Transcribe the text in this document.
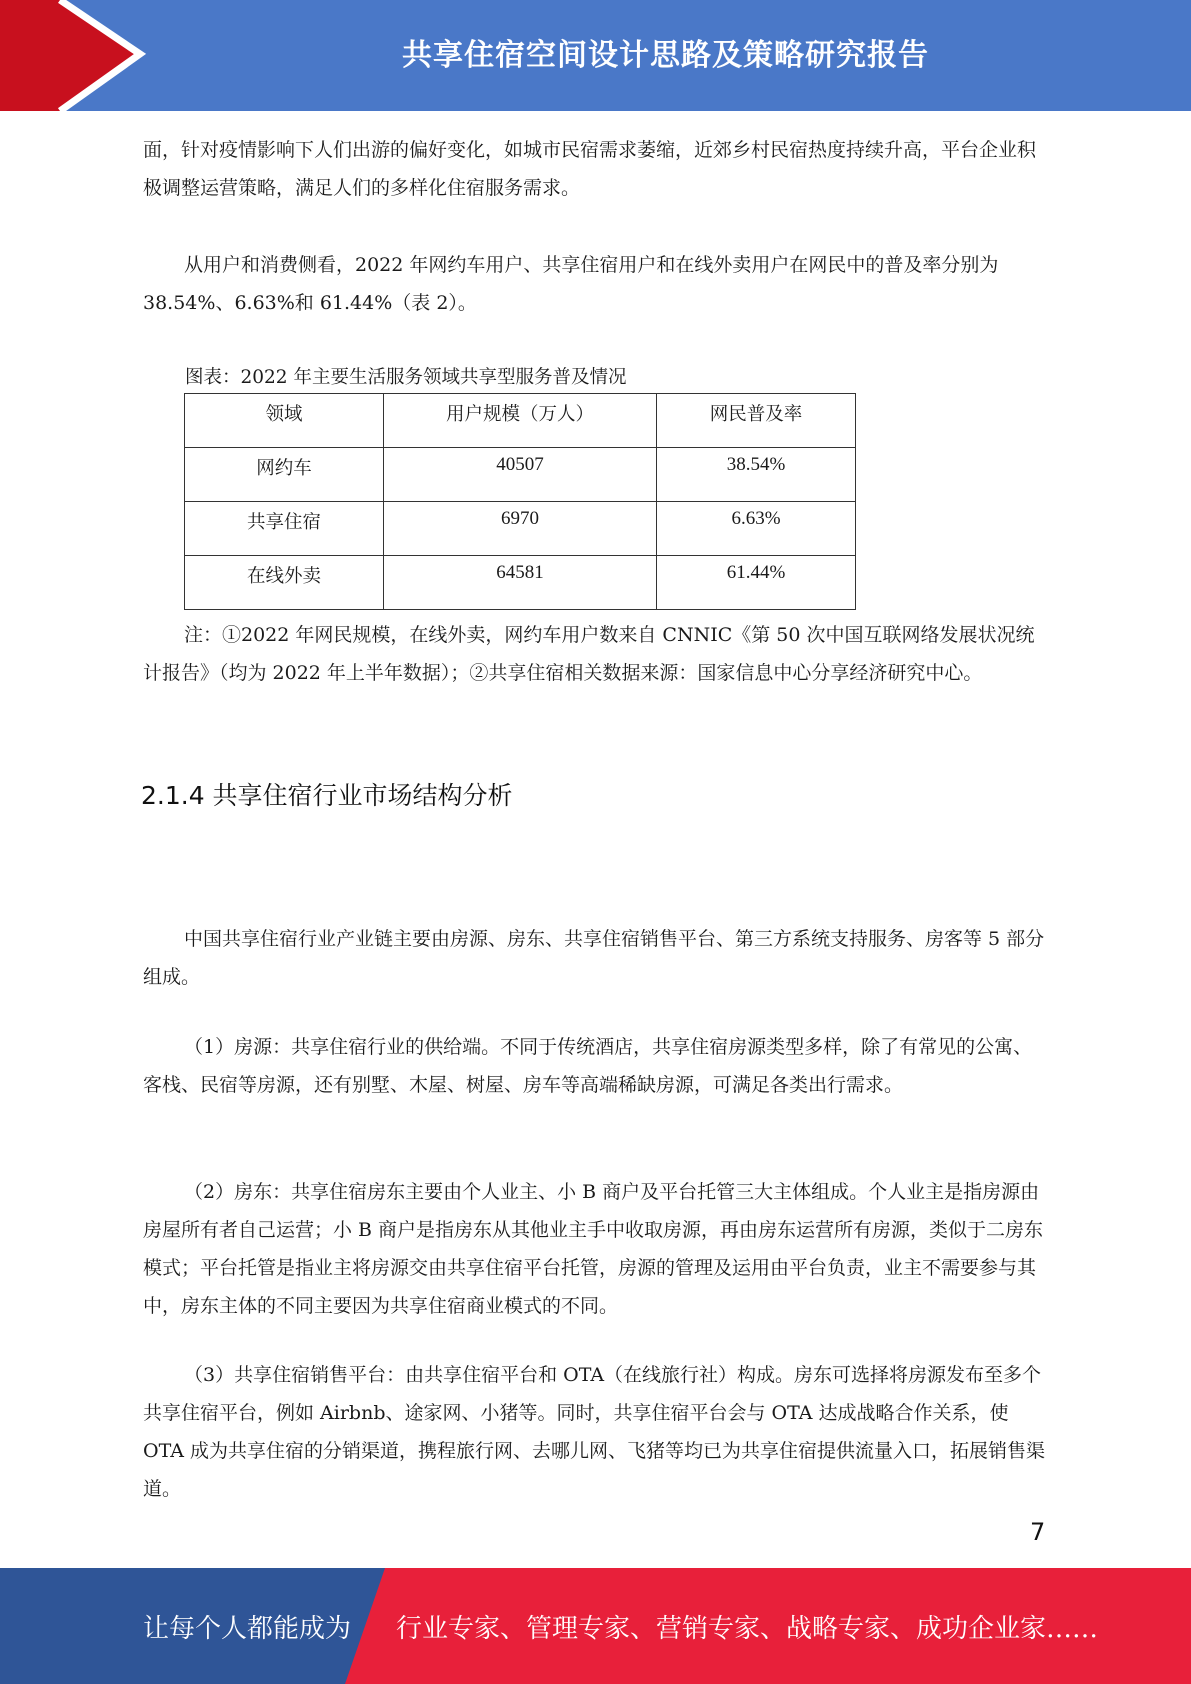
共享住宿空间设计思路及策略研究报告

面，针对疫情影响下人们出游的偏好变化，如城市民宿需求萎缩，近郊乡村民宿热度持续升高，平台企业积极调整运营策略，满足人们的多样化住宿服务需求。

从用户和消费侧看，2022 年网约车用户、共享住宿用户和在线外卖用户在网民中的普及率分别为 38.54%、6.63%和 61.44%（表 2）。

图表：2022 年主要生活服务领域共享型服务普及情况
领域	用户规模（万人）	网民普及率
网约车	40507	38.54%
共享住宿	6970	6.63%
在线外卖	64581	61.44%

注：①2022 年网民规模，在线外卖，网约车用户数来自 CNNIC《第 50 次中国互联网络发展状况统计报告》（均为 2022 年上半年数据）；②共享住宿相关数据来源：国家信息中心分享经济研究中心。

2.1.4 共享住宿行业市场结构分析

中国共享住宿行业产业链主要由房源、房东、共享住宿销售平台、第三方系统支持服务、房客等 5 部分组成。

（1）房源：共享住宿行业的供给端。不同于传统酒店，共享住宿房源类型多样，除了有常见的公寓、客栈、民宿等房源，还有别墅、木屋、树屋、房车等高端稀缺房源，可满足各类出行需求。

（2）房东：共享住宿房东主要由个人业主、小 B 商户及平台托管三大主体组成。个人业主是指房源由房屋所有者自己运营；小 B 商户是指房东从其他业主手中收取房源，再由房东运营所有房源，类似于二房东模式；平台托管是指业主将房源交由共享住宿平台托管，房源的管理及运用由平台负责，业主不需要参与其中，房东主体的不同主要因为共享住宿商业模式的不同。

（3）共享住宿销售平台：由共享住宿平台和 OTA（在线旅行社）构成。房东可选择将房源发布至多个共享住宿平台，例如 Airbnb、途家网、小猪等。同时，共享住宿平台会与 OTA 达成战略合作关系，使 OTA 成为共享住宿的分销渠道，携程旅行网、去哪儿网、飞猪等均已为共享住宿提供流量入口，拓展销售渠道。

7
让每个人都能成为 行业专家、管理专家、营销专家、战略专家、成功企业家……
